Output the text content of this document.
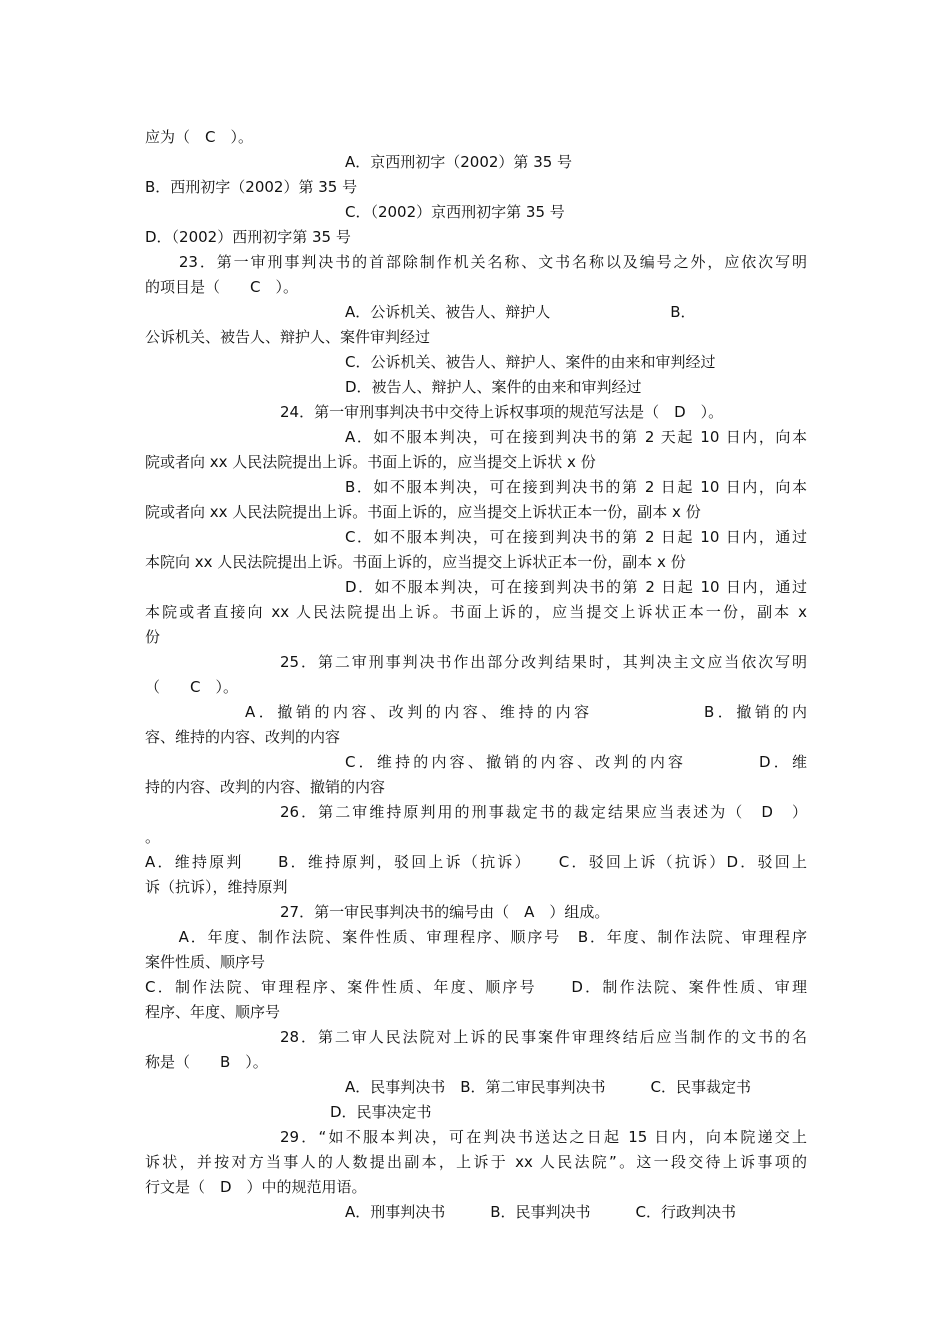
应为（　C　）。
A．京西刑初字（2002）第 35 号
B．西刑初字（2002）第 35 号
C．（2002）京西刑初字第 35 号
D．（2002）西刑初字第 35 号
　　23．第一审刑事判决书的首部除制作机关名称、文书名称以及编号之外，应依次写明
的项目是（　　C　）。
A．公诉机关、被告人、辩护人　　　　　　　　B．
公诉机关、被告人、辩护人、案件审判经过
C．公诉机关、被告人、辩护人、案件的由来和审判经过
D．被告人、辩护人、案件的由来和审判经过
24．第一审刑事判决书中交待上诉权事项的规范写法是（　D　）。
A．如不服本判决，可在接到判决书的第 2 天起 10 日内，向本
院或者向 xx 人民法院提出上诉。书面上诉的，应当提交上诉状 x 份
B．如不服本判决，可在接到判决书的第 2 日起 10 日内，向本
院或者向 xx 人民法院提出上诉。书面上诉的，应当提交上诉状正本一份，副本 x 份
C．如不服本判决，可在接到判决书的第 2 日起 10 日内，通过
本院向 xx 人民法院提出上诉。书面上诉的，应当提交上诉状正本一份，副本 x 份
D．如不服本判决，可在接到判决书的第 2 日起 10 日内，通过
本院或者直接向 xx 人民法院提出上诉。书面上诉的，应当提交上诉状正本一份，副本 x
份
25．第二审刑事判决书作出部分改判结果时，其判决主文应当依次写明
（　　C　）。
A．撤销的内容、改判的内容、维持的内容　　　　　　B．撤销的内
容、维持的内容、改判的内容
C．维持的内容、撤销的内容、改判的内容　　　　D．维
持的内容、改判的内容、撤销的内容
26．第二审维持原判用的刑事裁定书的裁定结果应当表述为（　D　）
。
A．维持原判　　B．维持原判，驳回上诉（抗诉）　　C．驳回上诉（抗诉）D．驳回上
诉（抗诉），维持原判
27．第一审民事判决书的编号由（　A　）组成。
　　A．年度、制作法院、案件性质、审理程序、顺序号　B．年度、制作法院、审理程序
案件性质、顺序号
C．制作法院、审理程序、案件性质、年度、顺序号　　D．制作法院、案件性质、审理
程序、年度、顺序号
28．第二审人民法院对上诉的民事案件审理终结后应当制作的文书的名
称是（　　B　）。
A．民事判决书　B．第二审民事判决书　　　C．民事裁定书
D．民事决定书
29．“如不服本判决，可在判决书送达之日起 15 日内，向本院递交上
诉状，并按对方当事人的人数提出副本，上诉于 xx 人民法院”。这一段交待上诉事项的
行文是（　D　）中的规范用语。
A．刑事判决书　　　B．民事判决书　　　C．行政判决书
